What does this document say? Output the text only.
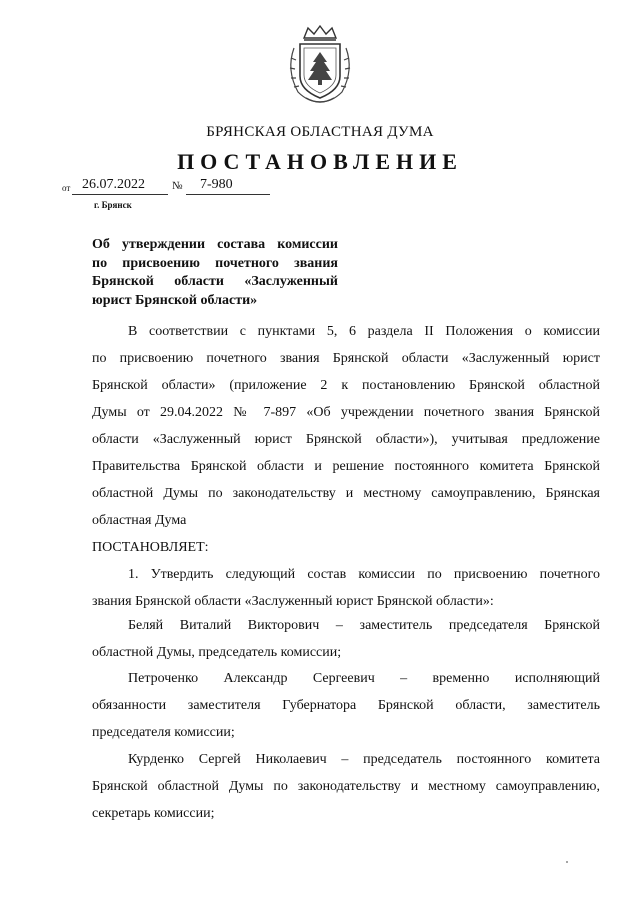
БРЯНСКАЯ ОБЛАСТНАЯ ДУМА
ПОСТАНОВЛЕНИЕ
от 26.07.2022 № 7-980
г. Брянск
Об утверждении состава комиссии
по присвоению почетного звания
Брянской области «Заслуженный
юрист Брянской области»
В соответствии с пунктами 5, 6 раздела II Положения о комиссии
по присвоению почетного звания Брянской области «Заслуженный юрист
Брянской области» (приложение 2 к постановлению Брянской областной
Думы от 29.04.2022 № 7-897 «Об учреждении почетного звания Брянской
области «Заслуженный юрист Брянской области»), учитывая предложение
Правительства Брянской области и решение постоянного комитета Брянской
областной Думы по законодательству и местному самоуправлению, Брянская
областная Дума
ПОСТАНОВЛЯЕТ:
1. Утвердить следующий состав комиссии по присвоению почетного
звания Брянской области «Заслуженный юрист Брянской области»:
Беляй Виталий Викторович – заместитель председателя Брянской
областной Думы, председатель комиссии;
Петроченко Александр Сергеевич – временно исполняющий
обязанности заместителя Губернатора Брянской области, заместитель
председателя комиссии;
Курденко Сергей Николаевич – председатель постоянного комитета
Брянской областной Думы по законодательству и местному самоуправлению,
секретарь комиссии;
